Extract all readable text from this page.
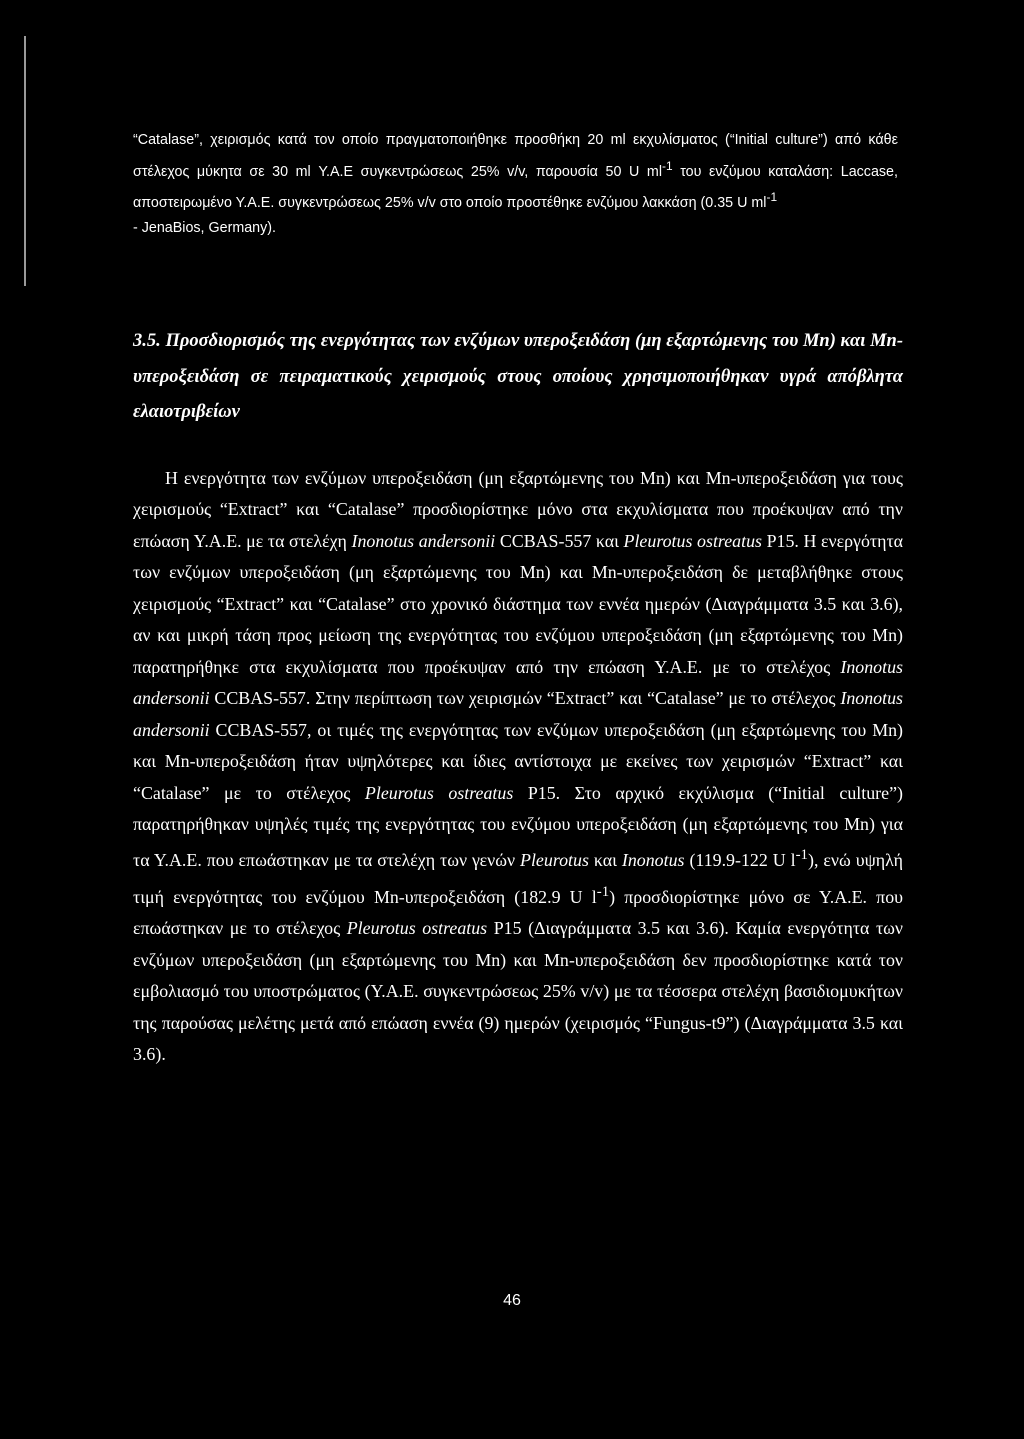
“Catalase”, χειρισμός κατά τον οποίο πραγματοποιήθηκε προσθήκη 20 ml εκχυλίσματος (“Initial culture”) από κάθε στέλεχος μύκητα σε 30 ml Υ.Α.Ε συγκεντρώσεως 25% v/v, παρουσία 50 U $ml^{-1}$ του ενζύμου καταλάση: Laccase, αποστειρωμένο Υ.Α.Ε. συγκεντρώσεως 25% v/v στο οποίο προστέθηκε ενζύμου λακκάση (0.35 U $ml^{-1}$
- JenaBios, Germany).
3.5. Προσδιορισμός της ενεργότητας των ενζύμων υπεροξειδάση (μη εξαρτώμενης του Mn) και Mn-υπεροξειδάση σε πειραματικούς χειρισμούς στους οποίους χρησιμοποιήθηκαν υγρά απόβλητα ελαιοτριβείων

Η ενεργότητα των ενζύμων υπεροξειδάση (μη εξαρτώμενης του Mn) και Mn-υπεροξειδάση για τους χειρισμούς “Extract” και “Catalase” προσδιορίστηκε μόνο στα εκχυλίσματα που προέκυψαν από την επώαση Υ.Α.Ε. με τα στελέχη Inonotus andersonii CCBAS-557 και Pleurotus ostreatus P15. Η ενεργότητα των ενζύμων υπεροξειδάση (μη εξαρτώμενης του Mn) και Mn-υπεροξειδάση δε μεταβλήθηκε στους χειρισμούς “Extract” και “Catalase” στο χρονικό διάστημα των εννέα ημερών (Διαγράμματα 3.5 και 3.6), αν και μικρή τάση προς μείωση της ενεργότητας του ενζύμου υπεροξειδάση (μη εξαρτώμενης του Mn) παρατηρήθηκε στα εκχυλίσματα που προέκυψαν από την επώαση Υ.Α.Ε. με το στελέχος Inonotus andersonii CCBAS-557. Στην περίπτωση των χειρισμών “Extract” και “Catalase” με το στέλεχος Inonotus andersonii CCBAS-557, οι τιμές της ενεργότητας των ενζύμων υπεροξειδάση (μη εξαρτώμενης του Mn) και Mn-υπεροξειδάση ήταν υψηλότερες και ίδιες αντίστοιχα με εκείνες των χειρισμών “Extract” και “Catalase” με το στέλεχος Pleurotus ostreatus P15. Στο αρχικό εκχύλισμα (“Initial culture”) παρατηρήθηκαν υψηλές τιμές της ενεργότητας του ενζύμου υπεροξειδάση (μη εξαρτώμενης του Mn) για τα Υ.Α.Ε. που επωάστηκαν με τα στελέχη των γενών Pleurotus και Inonotus (119.9-122 U $l^{-1}$), ενώ υψηλή τιμή ενεργότητας του ενζύμου Mn-υπεροξειδάση (182.9 U $l^{-1}$) προσδιορίστηκε μόνο σε Υ.Α.Ε. που επωάστηκαν με το στέλεχος Pleurotus ostreatus P15 (Διαγράμματα 3.5 και 3.6). Καμία ενεργότητα των ενζύμων υπεροξειδάση (μη εξαρτώμενης του Mn) και Mn-υπεροξειδάση δεν προσδιορίστηκε κατά τον εμβολιασμό του υποστρώματος (Υ.Α.Ε. συγκεντρώσεως 25% v/v) με τα τέσσερα στελέχη βασιδιομυκήτων της παρούσας μελέτης μετά από επώαση εννέα (9) ημερών (χειρισμός “Fungus-t9”) (Διαγράμματα 3.5 και 3.6).

46
